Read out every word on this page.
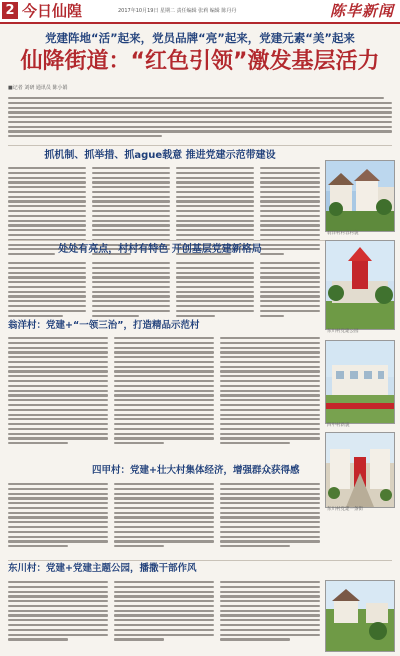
2 今日仙隍	2017年10月19日 星期二 责任编辑 张莉 编辑 陈丹丹	陈毕新闻
党建阵地“活”起来，党员品牌“亮”起来，党建元素“美”起来
仙降街道：“红色引领”激发基层活力
■记者 刘研 通讯员 陈小娟
抓机制、抓举措、抓ague载意 推进党建示范带建设
翁洋村村容村貌
处处有亮点，村村有特色 开创基层党建新格局
东川村党建公园
翁洋村：党建+“一领三治”，打造精品示范村
四甲村新貌
四甲村：党建+壮大村集体经济，增强群众获得感
东川村党建一条街
东川村：党建+党建主题公园，播撒干部作风
